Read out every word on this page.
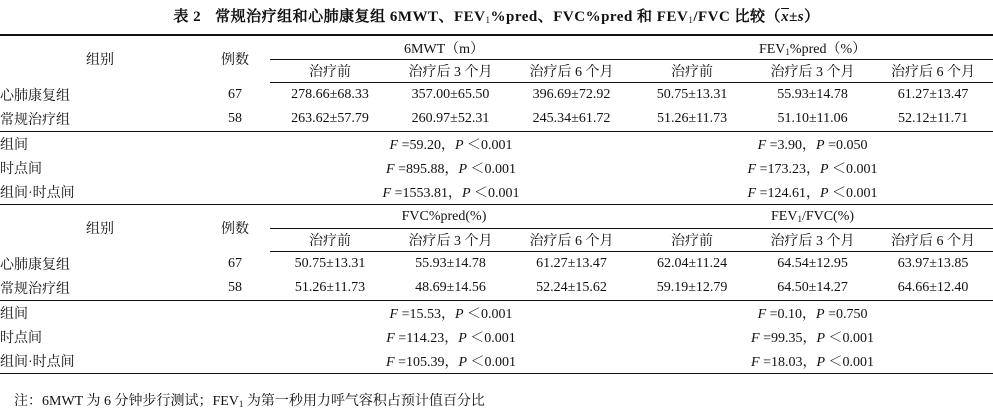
表 2 常规治疗组和心肺康复组 6MWT、$FEV_1\%pred$、FVC%pred 和 $FEV_1$/FVC 比较$(\overline{x}\pm s)$
组别	例数	6MWT（m）			$FEV_1\%pred(\%)$		
		治疗前	治疗后 3 个月	治疗后 6 个月	治疗前	治疗后 3 个月	治疗后 6 个月
心肺康复组	67	278.66±68.33	357.00±65.50	396.69±72.92	50.75±13.31	55.93±14.78	61.27±13.47
常规治疗组	58	263.62±57.79	260.97±52.31	245.34±61.72	51.26±11.73	51.10±11.06	52.12±11.71
组间		F =59.20，P ＜0.001			F =3.90，P =0.050		
时点间		F =895.88，P ＜0.001			F =173.23，P ＜0.001		
组间·时点间		F =1553.81，P ＜0.001			F =124.61，P ＜0.001		
组别	例数	FVC%pred(%)			$FEV_1/FVC(\%)$		
		治疗前	治疗后 3 个月	治疗后 6 个月	治疗前	治疗后 3 个月	治疗后 6 个月
心肺康复组	67	50.75±13.31	55.93±14.78	61.27±13.47	62.04±11.24	64.54±12.95	63.97±13.85
常规治疗组	58	51.26±11.73	48.69±14.56	52.24±15.62	59.19±12.79	64.50±14.27	64.66±12.40
组间		F =15.53，P ＜0.001			F =0.10，P =0.750		
时点间		F =114.23，P ＜0.001			F =99.35，P ＜0.001		
组间·时点间		F =105.39，P ＜0.001			F =18.03，P ＜0.001		
注：6MWT 为 6 分钟步行测试；$FEV_1$ 为第一秒用力呼气容积占预计值百分比
